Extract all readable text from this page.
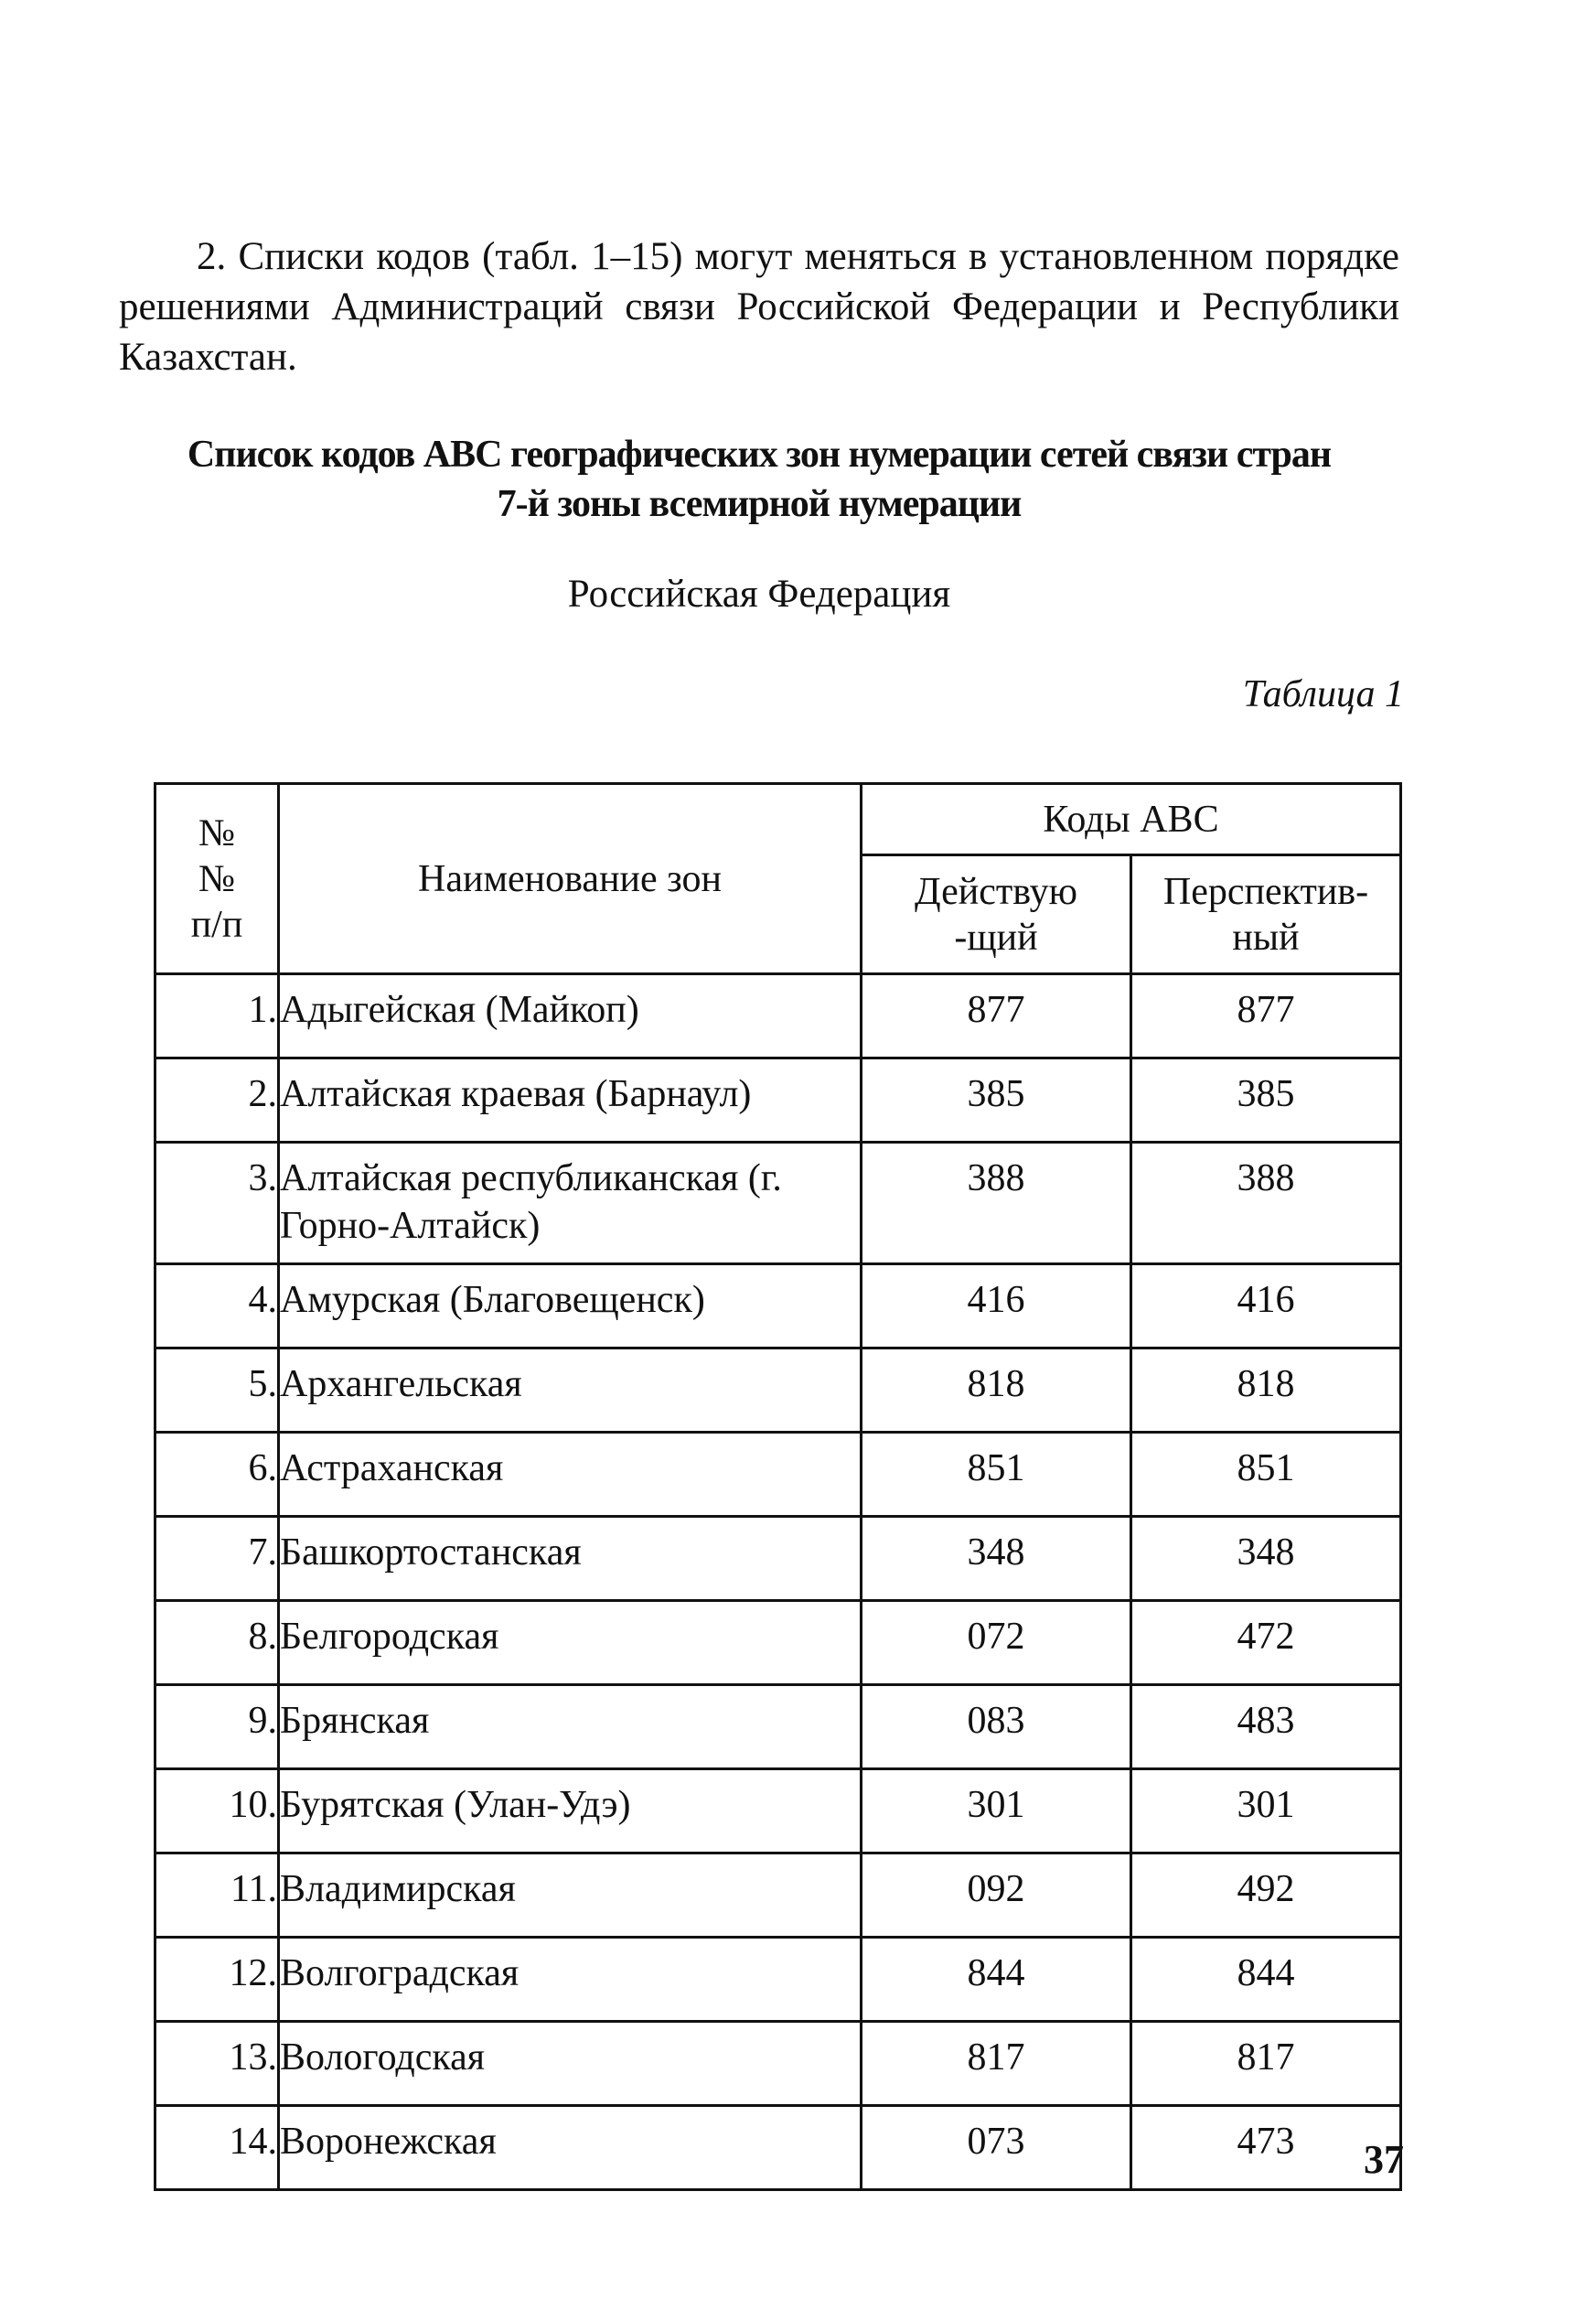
2. Списки кодов (табл. 1–15) могут меняться в установленном порядке решениями Администраций связи Российской Федерации и Республики Казахстан.

Список кодов ABC географических зон нумерации сетей связи стран
7-й зоны всемирной нумерации
Российская Федерация
Таблица 1
№№ п/п	Наименование зон	Коды ABC	

		Действую-щий	Перспектив-ный

1.	Адыгейская (Майкоп)	877	877
2.	Алтайская краевая (Барнаул)	385	385
3.	Алтайская республиканская (г. Горно-Алтайск)	388	388
4.	Амурская (Благовещенск)	416	416
5.	Архангельская	818	818
6.	Астраханская	851	851
7.	Башкортостанская	348	348
8.	Белгородская	072	472
9.	Брянская	083	483
10.	Бурятская (Улан-Удэ)	301	301
11.	Владимирская	092	492
12.	Волгоградская	844	844
13.	Вологодская	817	817
14.	Воронежская	073	473 37
